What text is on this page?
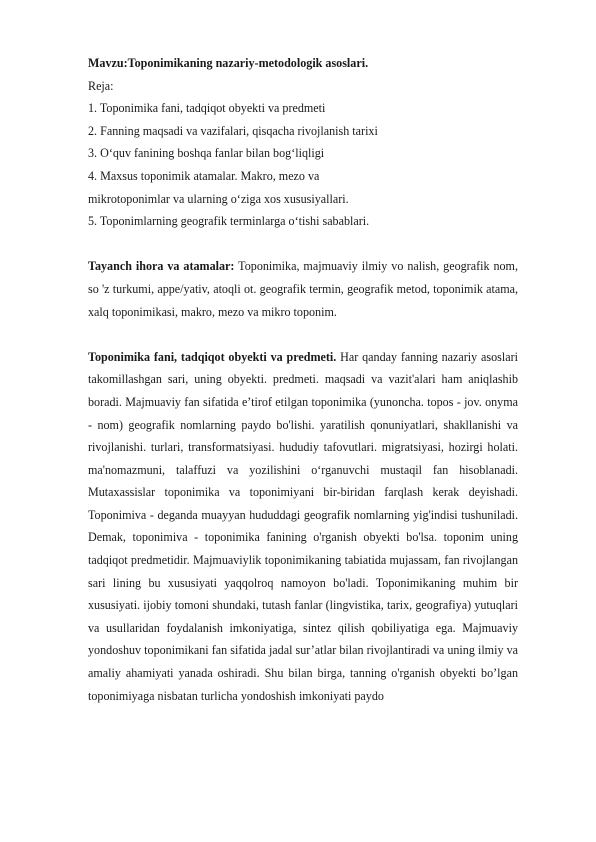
Mavzu:Toponimikaning nazariy-metodologik asoslari.
Reja:
1. Toponimika fani, tadqiqot obyekti va predmeti
2. Fanning maqsadi va vazifalari, qisqacha rivojlanish tarixi
3. O‘quv fanining boshqa fanlar bilan bog‘liqligi
4. Maxsus toponimik atamalar. Makro, mezo va
mikrotoponimlar va ularning o‘ziga xos xususiyallari.
5. Toponimlarning geografik terminlarga o‘tishi sabablari.

Tayanch ihora va atamalar: Toponimika, majmuaviy ilmiy vo nalish, geografik nom, so 'z turkumi, appe/yativ, atoqli ot. geografik termin, geografik metod, toponimik atama, xalq toponimikasi, makro, mezo va mikro toponim.

Toponimika fani, tadqiqot obyekti va predmeti. Har qanday fanning nazariy asoslari takomillashgan sari, uning obyekti. predmeti. maqsadi va vazit'alari ham aniqlashib boradi. Majmuaviy fan sifatida e’tirof etilgan toponimika (yunoncha. topos - jov. onyma - nom) geografik nomlarning paydo bo'lishi. yaratilish qonuniyatlari, shakllanishi va rivojlanishi. turlari, transformatsiyasi. hududiy tafovutlari. migratsiyasi, hozirgi holati. ma'nomazmuni, talaffuzi va yozilishini o‘rganuvchi mustaqil fan hisoblanadi. Mutaxassislar toponimika va toponimiyani bir-biridan farqlash kerak deyishadi. Toponimiva - deganda muayyan hududdagi geografik nomlarning yig'indisi tushuniladi. Demak, toponimiva - toponimika fanining o'rganish obyekti bo'lsa. toponim uning tadqiqot predmetidir. Majmuaviylik toponimikaning tabiatida mujassam, fan rivojlangan sari lining bu xususiyati yaqqolroq namoyon bo'ladi. Toponimikaning muhim bir xususiyati. ijobiy tomoni shundaki, tutash fanlar (lingvistika, tarix, geografiya) yutuqlari va usullaridan foydalanish imkoniyatiga, sintez qilish qobiliyatiga ega. Majmuaviy yondoshuv toponimikani fan sifatida jadal sur’atlar bilan rivojlantiradi va uning ilmiy va amaliy ahamiyati yanada oshiradi. Shu bilan birga, tanning o'rganish obyekti bo’lgan toponimiyaga nisbatan turlicha yondoshish imkoniyati paydo
